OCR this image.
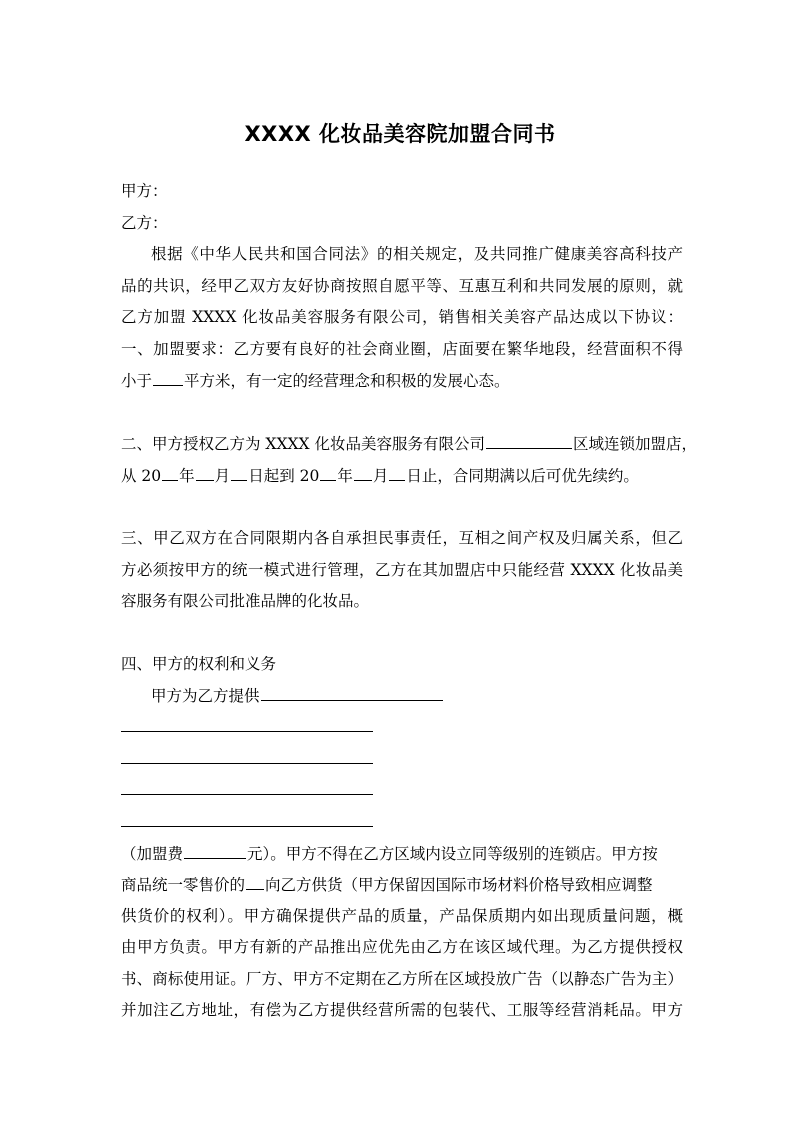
XXXX 化妆品美容院加盟合同书
甲方：
乙方：
根据《中华人民共和国合同法》的相关规定，及共同推广健康美容高科技产
品的共识，经甲乙双方友好协商按照自愿平等、互惠互利和共同发展的原则，就
乙方加盟 XXXX 化妆品美容服务有限公司，销售相关美容产品达成以下协议：
一、加盟要求：乙方要有良好的社会商业圈，店面要在繁华地段，经营面积不得
小于 平方米，有一定的经营理念和积极的发展心态。
二、甲方授权乙方为 XXXX 化妆品美容服务有限公司	区域连锁加盟店，
从 20 年 月 日起到 20 年 月 日止，合同期满以后可优先续约。
三、甲乙双方在合同限期内各自承担民事责任，互相之间产权及归属关系，但乙
方必须按甲方的统一模式进行管理，乙方在其加盟店中只能经营 XXXX 化妆品美
容服务有限公司批准品牌的化妆品。
四、甲方的权利和义务
甲方为乙方提供
（加盟费	元）。甲方不得在乙方区域内设立同等级别的连锁店。甲方按
商品统一零售价的 向乙方供货（甲方保留因国际市场材料价格导致相应调整
供货价的权利）。甲方确保提供产品的质量，产品保质期内如出现质量问题，概
由甲方负责。甲方有新的产品推出应优先由乙方在该区域代理。为乙方提供授权
书、商标使用证。厂方、甲方不定期在乙方所在区域投放广告（以静态广告为主）
并加注乙方地址，有偿为乙方提供经营所需的包装代、工服等经营消耗品。甲方
